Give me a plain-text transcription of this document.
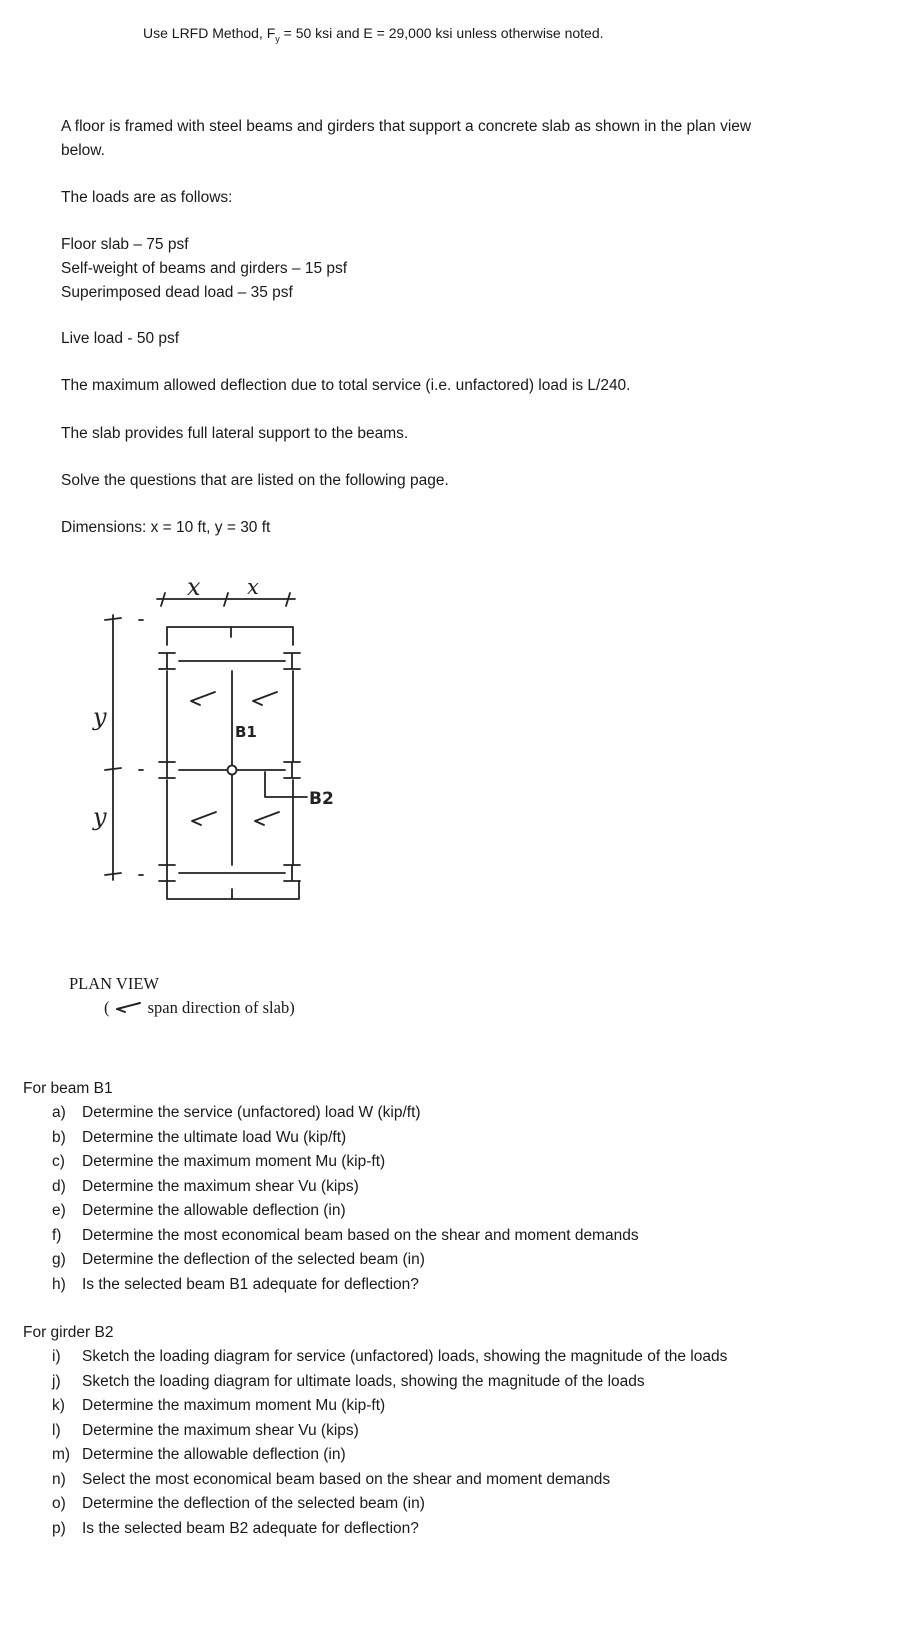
Use LRFD Method, $F_y = 50$ ksi and E = 29,000 ksi unless otherwise noted.
A floor is framed with steel beams and girders that support a concrete slab as shown in the plan view
below.
The loads are as follows:
Floor slab – 75 psf
Self-weight of beams and girders – 15 psf
Superimposed dead load – 35 psf
Live load - 50 psf
The maximum allowed deflection due to total service (i.e. unfactored) load is L/240.
The slab provides full lateral support to the beams.
Solve the questions that are listed on the following page.
Dimensions: x = 10 ft, y = 30 ft
x x
y
y
B1
B2
PLAN VIEW
( span direction of slab)
For beam B1
a) Determine the service (unfactored) load W (kip/ft)
b) Determine the ultimate load Wu (kip/ft)
c) Determine the maximum moment Mu (kip-ft)
d) Determine the maximum shear Vu (kips)
e) Determine the allowable deflection (in)
f) Determine the most economical beam based on the shear and moment demands
g) Determine the deflection of the selected beam (in)
h) Is the selected beam B1 adequate for deflection?
For girder B2
i) Sketch the loading diagram for service (unfactored) loads, showing the magnitude of the loads
j) Sketch the loading diagram for ultimate loads, showing the magnitude of the loads
k) Determine the maximum moment Mu (kip-ft)
l) Determine the maximum shear Vu (kips)
m) Determine the allowable deflection (in)
n) Select the most economical beam based on the shear and moment demands
o) Determine the deflection of the selected beam (in)
p) Is the selected beam B2 adequate for deflection?
